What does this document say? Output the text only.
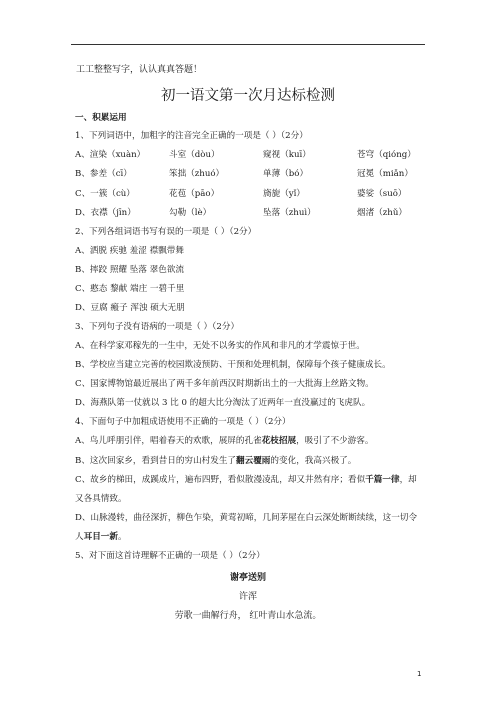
工工整整写字，认认真真答题！
初一语文第一次月达标检测
一、积累运用
1、下列词语中，加粗字的注音完全正确的一项是（ ）（2分）
A、渲染（xuàn）	斗室（dòu）	窥视（kuī）	苍穹（qióng）
B、参差（cī）	笨拙（zhuó）	单薄（bó）	冠冕（miǎn）
C、一簇（cù）	花苞（pāo）	旖旎（yǐ）	婆娑（suō）
D、衣襟（jīn）	勾勒（lè）	坠落（zhuì）	烟渚（zhǔ）
2、下列各组词语书写有误的一项是（ ）（2分）
A、洒脱 疾驰 羞涩 襟飘带舞
B、摔跤 照耀 坠落 翠色欲流
C、憨态 黎献 端庄 一碧千里
D、豆腐 瘢子 浑浊 硕大无朋
3、下列句子没有语病的一项是（ ）（2分）
A、在科学家邓稼先的一生中，无处不以务实的作风和非凡的才学震惊于世。
B、学校应当建立完善的校园欺凌预防、干预和处理机制，保障每个孩子健康成长。
C、国家博物馆最近展出了两千多年前西汉时期新出土的一大批海上丝路文物。
D、海燕队第一仗就以 3 比 0 的超大比分淘汰了近两年一直没赢过的飞虎队。
4、下面句子中加粗成语使用不正确的一项是（ ）（2分）
A、鸟儿呼朋引伴，唱着春天的欢歌，展屏的孔雀花枝招展，吸引了不少游客。
B、这次回家乡，看到昔日的穷山村发生了翻云覆雨的变化，我高兴极了。
C、故乡的梯田，成蹊成片，遍布四野，看似散漫凌乱，却又井然有序；看似千篇一律，却
又各具情致。
D、山脉漫转，曲径深折，柳色乍染，黄莺初啼，几间茅屋在白云深处断断续续，这一切令
人耳目一新。
5、对下面这首诗理解不正确的一项是（ ）（2分）
谢亭送别
许浑
劳歌一曲解行舟， 红叶青山水急流。
1
